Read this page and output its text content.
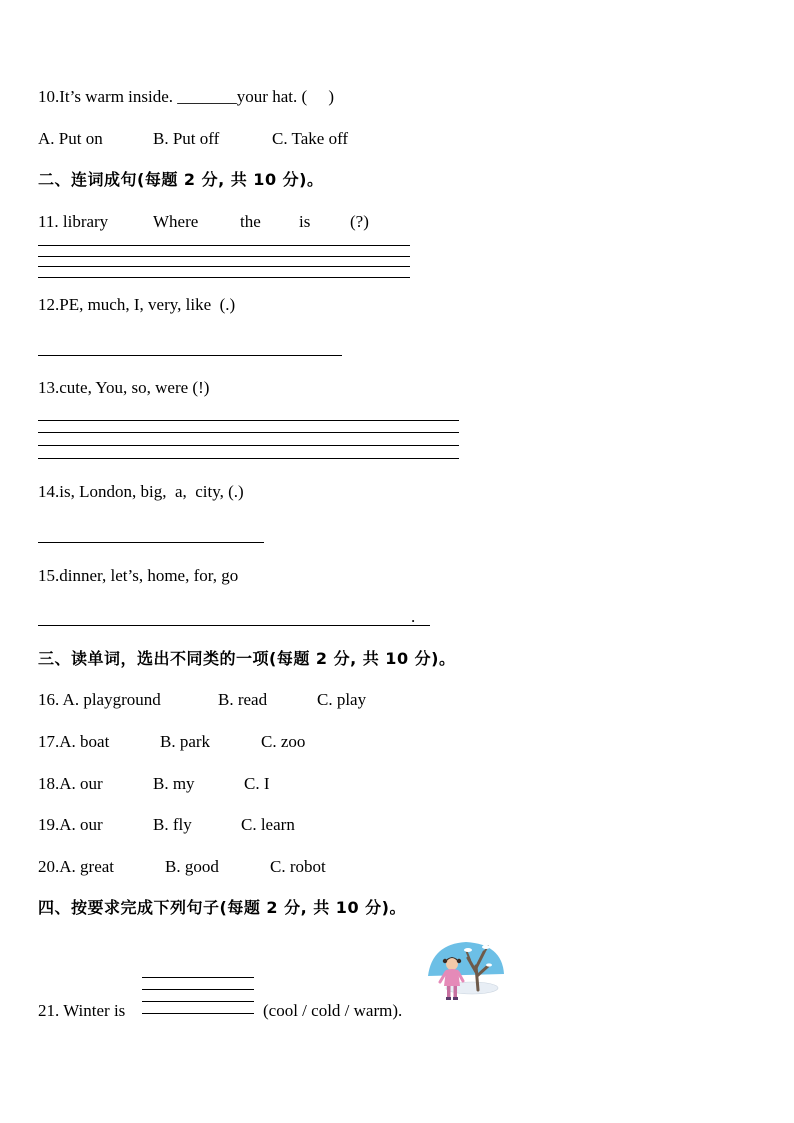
10.It’s warm inside. _______your hat. (     )
A. Put on	B. Put off	C. Take off
二、连词成句(每题 2 分, 共 10 分)。
11. library	Where the is (?)
12.PE, much, I, very, like  (.)
13.cute, You, so, were (!)
14.is, London, big,  a,  city, (.)
15.dinner, let’s, home, for, go
.
三、读单词，选出不同类的一项(每题 2 分, 共 10 分)。
16. A. playground	B. read	C. play
17.A. boat	B. park	C. zoo
18.A. our	B. my	C. I
19.A. our	B. fly	C. learn
20.A. great	B. good	C. robot
四、按要求完成下列句子(每题 2 分, 共 10 分)。
21. Winter is	(cool / cold / warm).
